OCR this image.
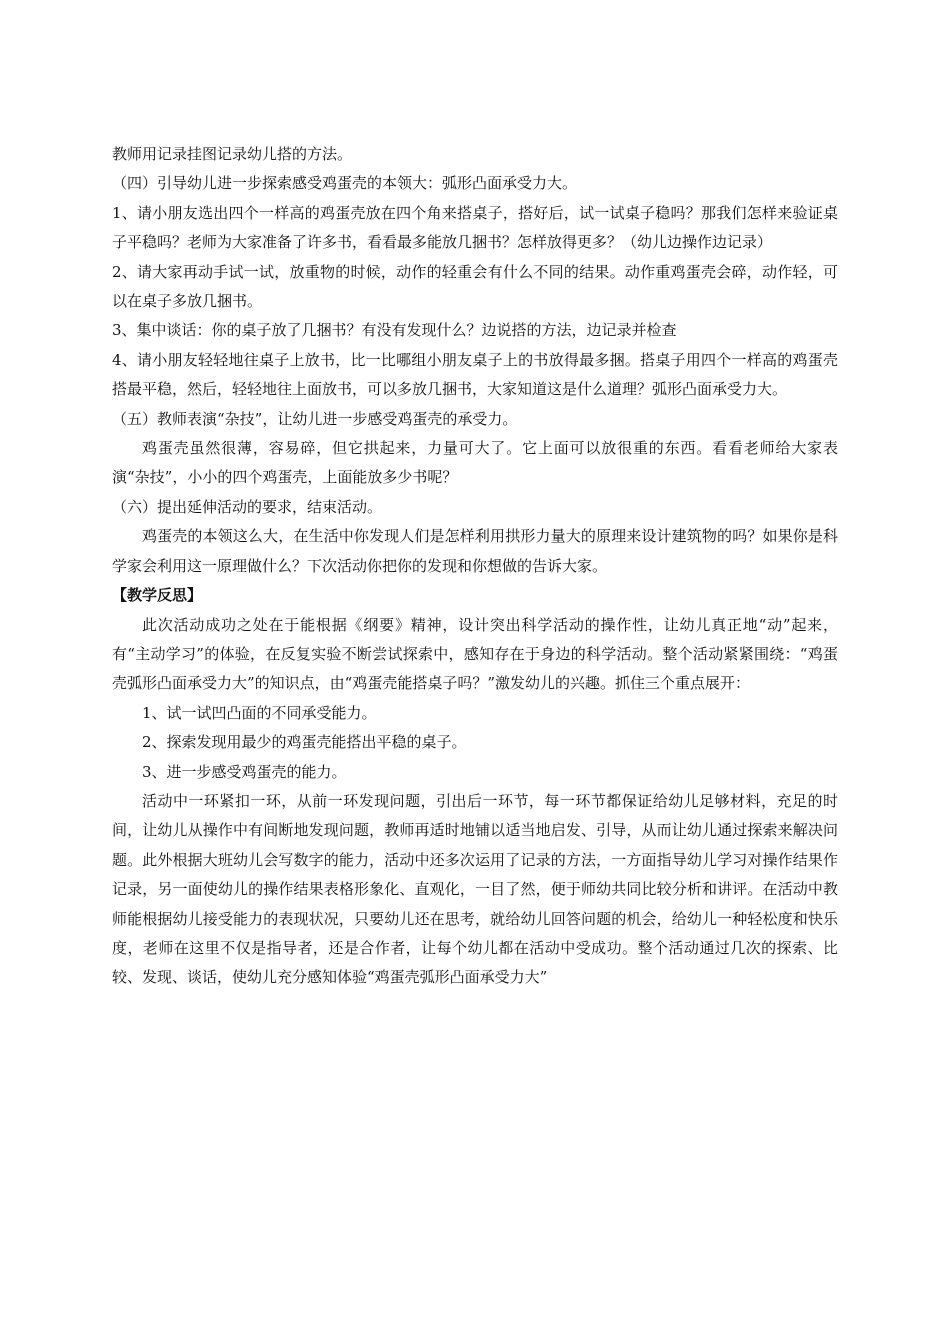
教师用记录挂图记录幼儿搭的方法。

（四）引导幼儿进一步探索感受鸡蛋壳的本领大：弧形凸面承受力大。

1、请小朋友选出四个一样高的鸡蛋壳放在四个角来搭桌子，搭好后，试一试桌子稳吗？那我们怎样来验证桌子平稳吗？老师为大家准备了许多书，看看最多能放几捆书？怎样放得更多？（幼儿边操作边记录）

2、请大家再动手试一试，放重物的时候，动作的轻重会有什么不同的结果。动作重鸡蛋壳会碎，动作轻，可以在桌子多放几捆书。

3、集中谈话：你的桌子放了几捆书？有没有发现什么？边说搭的方法，边记录并检查

4、请小朋友轻轻地往桌子上放书，比一比哪组小朋友桌子上的书放得最多捆。搭桌子用四个一样高的鸡蛋壳搭最平稳，然后，轻轻地往上面放书，可以多放几捆书，大家知道这是什么道理？弧形凸面承受力大。

（五）教师表演“杂技”，让幼儿进一步感受鸡蛋壳的承受力。

鸡蛋壳虽然很薄，容易碎，但它拱起来，力量可大了。它上面可以放很重的东西。看看老师给大家表演“杂技”，小小的四个鸡蛋壳，上面能放多少书呢？

（六）提出延伸活动的要求，结束活动。

鸡蛋壳的本领这么大，在生活中你发现人们是怎样利用拱形力量大的原理来设计建筑物的吗？如果你是科学家会利用这一原理做什么？下次活动你把你的发现和你想做的告诉大家。

【教学反思】

此次活动成功之处在于能根据《纲要》精神，设计突出科学活动的操作性，让幼儿真正地“动”起来，有“主动学习”的体验，在反复实验不断尝试探索中，感知存在于身边的科学活动。整个活动紧紧围绕：“鸡蛋壳弧形凸面承受力大”的知识点，由“鸡蛋壳能搭桌子吗？”激发幼儿的兴趣。抓住三个重点展开：

1、试一试凹凸面的不同承受能力。

2、探索发现用最少的鸡蛋壳能搭出平稳的桌子。

3、进一步感受鸡蛋壳的能力。

活动中一环紧扣一环，从前一环发现问题，引出后一环节，每一环节都保证给幼儿足够材料，充足的时间，让幼儿从操作中有间断地发现问题，教师再适时地铺以适当地启发、引导，从而让幼儿通过探索来解决问题。此外根据大班幼儿会写数字的能力，活动中还多次运用了记录的方法，一方面指导幼儿学习对操作结果作记录，另一面使幼儿的操作结果表格形象化、直观化，一目了然，便于师幼共同比较分析和讲评。在活动中教师能根据幼儿接受能力的表现状况，只要幼儿还在思考，就给幼儿回答问题的机会，给幼儿一种轻松度和快乐度，老师在这里不仅是指导者，还是合作者，让每个幼儿都在活动中受成功。整个活动通过几次的探索、比较、发现、谈话，使幼儿充分感知体验“鸡蛋壳弧形凸面承受力大”
